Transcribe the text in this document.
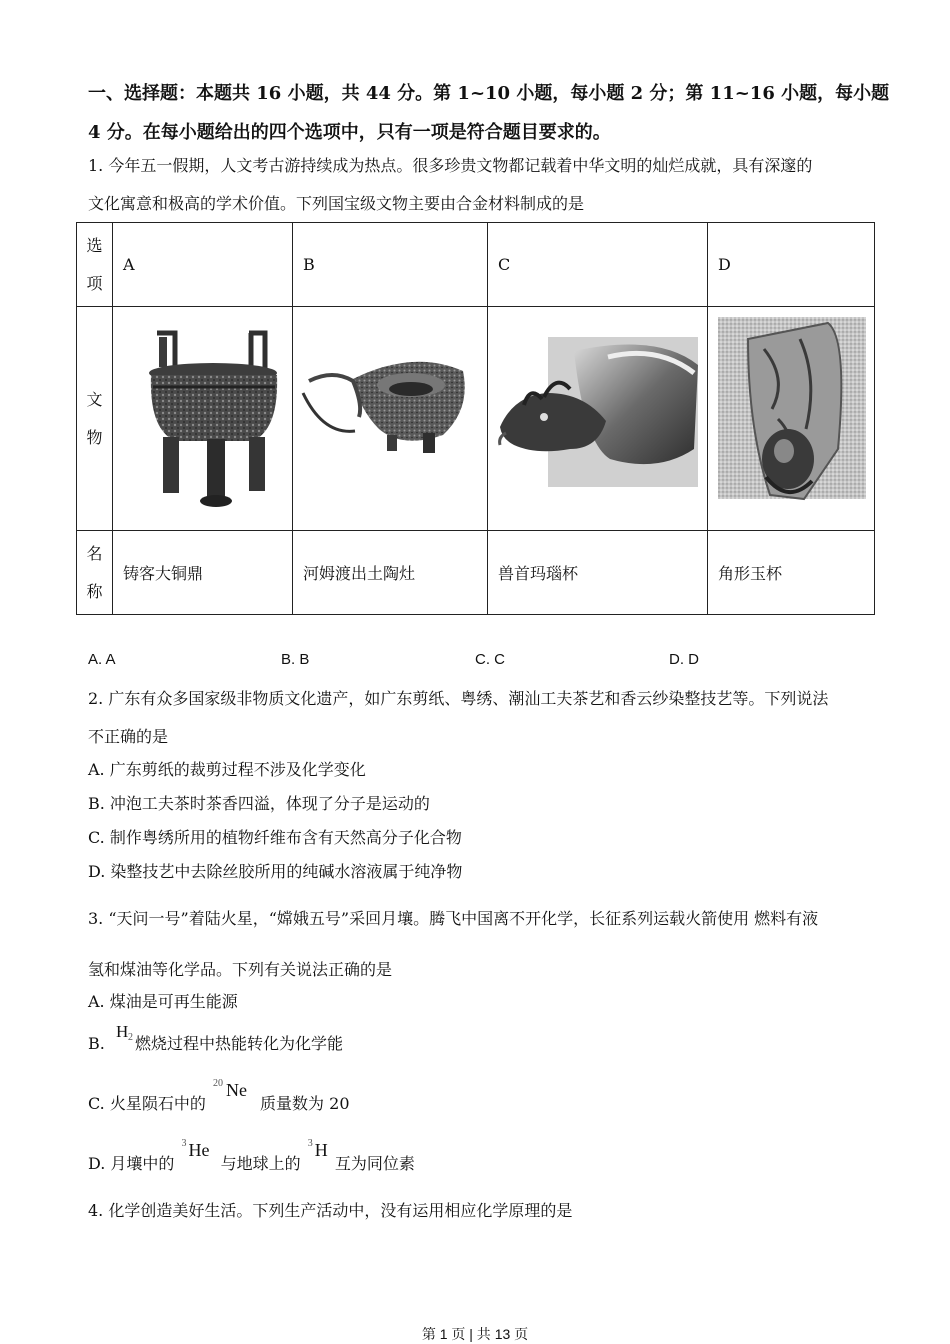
一、选择题：本题共 16 小题，共 44 分。第 1~10 小题，每小题 2 分；第 11~16 小题，每小题
4 分。在每小题给出的四个选项中，只有一项是符合题目要求的。
1. 今年五一假期，人文考古游持续成为热点。很多珍贵文物都记载着中华文明的灿烂成就，具有深邃的
文化寓意和极高的学术价值。下列国宝级文物主要由合金材料制成的是
选项	A	B	C	D
文物	

名称	铸客大铜鼎	河姆渡出土陶灶	兽首玛瑙杯	角形玉杯
A. A	B. B	C. C	D. D
2. 广东有众多国家级非物质文化遗产，如广东剪纸、粤绣、潮汕工夫茶艺和香云纱染整技艺等。下列说法
不正确的是
A. 广东剪纸的裁剪过程不涉及化学变化
B. 冲泡工夫茶时茶香四溢，体现了分子是运动的
C. 制作粤绣所用的植物纤维布含有天然高分子化合物
D. 染整技艺中去除丝胶所用的纯碱水溶液属于纯净物
3. “天问一号”着陆火星，“嫦娥五号”采回月壤。腾飞中国离不开化学，长征系列运载火箭使用 燃料有液
氢和煤油等化学品。下列有关说法正确的是
A. 煤油是可再生能源
B.
H 2 燃烧过程中热能转化为化学能
C. 火星陨石中的
20 Ne
质量数为 20
D. 月壤中的
3 He
与地球上的
3 H
互为同位素
4. 化学创造美好生活。下列生产活动中，没有运用相应化学原理的是
第 1 页 | 共 13 页
